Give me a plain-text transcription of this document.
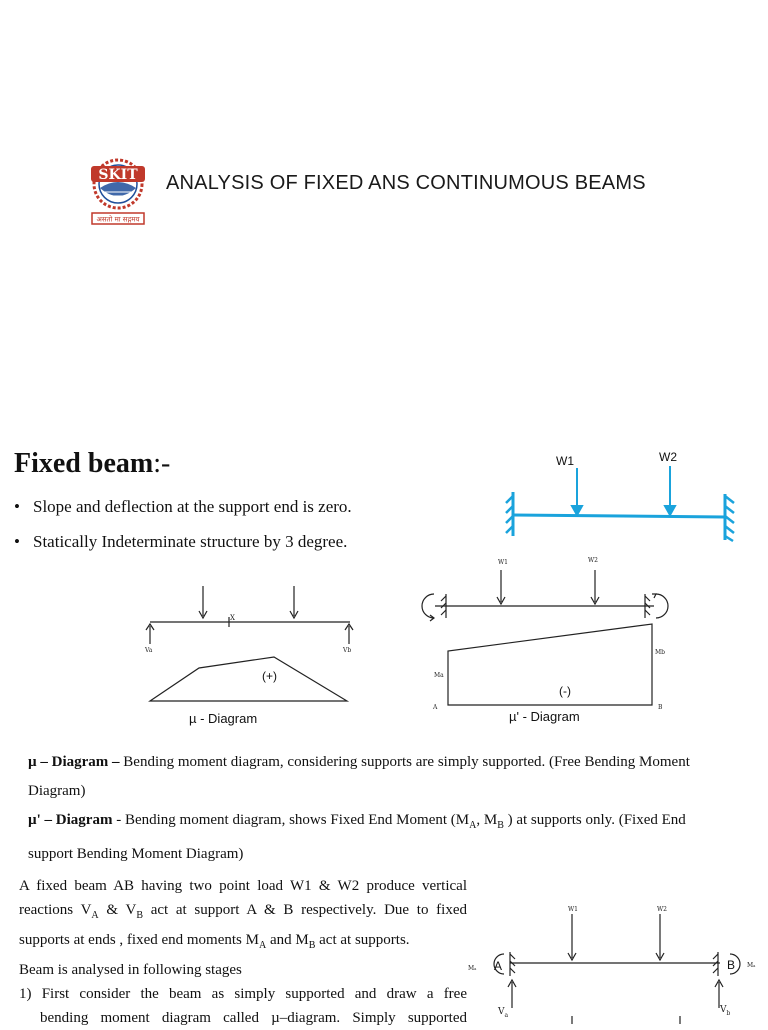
SKIT
असतो मा सद्गमय
ANALYSIS OF FIXED ANS CONTINUMOUS BEAMS
Fixed beam:-
• Slope and deflection at the support end is zero.
• Statically Indeterminate structure by 3 degree.
W1	W2
X
Va	Vb
(+)
µ - Diagram
W1	W2
Ma
Mb
A	B
(-)
µ' - Diagram
µ – Diagram – Bending moment diagram, considering supports are simply supported. (Free Bending Moment
Diagram)
µ' – Diagram - Bending moment diagram, shows Fixed End Moment ($M_A$, $M_B$ ) at supports only. (Fixed End
support Bending Moment Diagram)
A fixed beam AB having two point load W1 & W2 produce vertical
reactions $V_A$ & $V_B$ act at support A & B respectively. Due to fixed
supports at ends , fixed end moments $M_A$ and $M_B$ act at supports.
Beam is analysed in following stages
1) First consider the beam as simply supported and draw a free
bending moment diagram called µ–diagram. Simply supported
W1	W2
A	B
Mₐ	Mₐ
$V_a$
$V_b$
